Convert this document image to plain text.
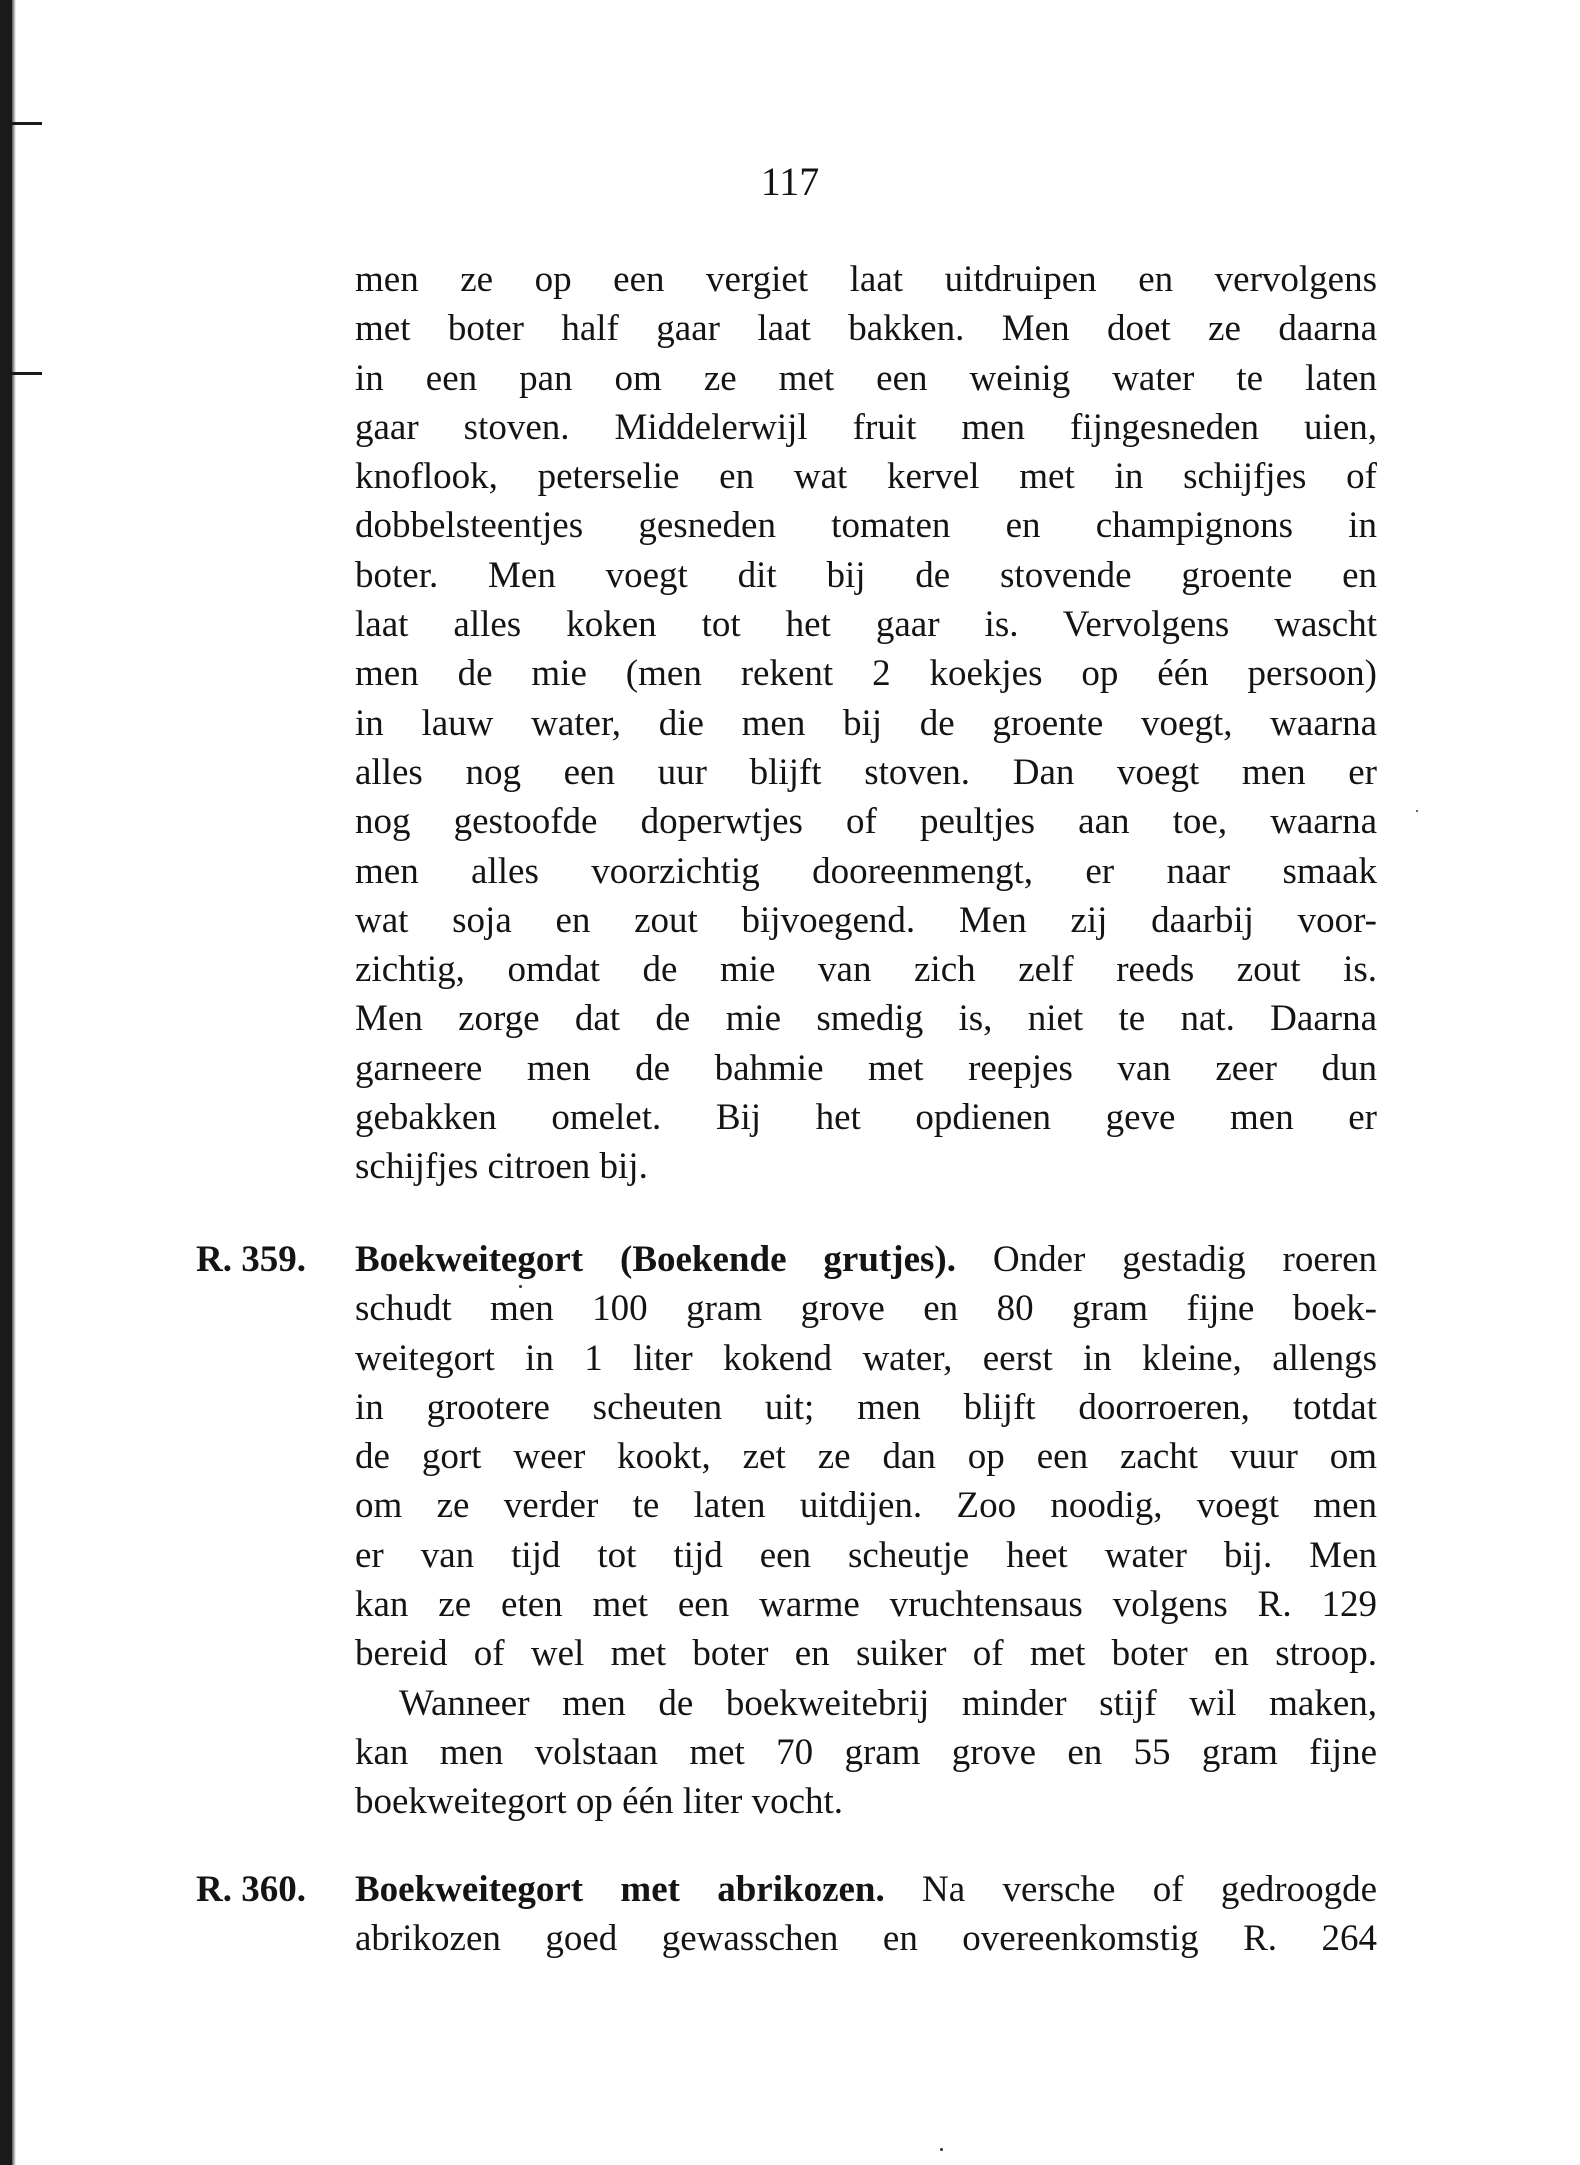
117
men ze op een vergiet laat uitdruipen en vervolgens
met boter half gaar laat bakken. Men doet ze daarna
in een pan om ze met een weinig water te laten
gaar stoven. Middelerwijl fruit men fijngesneden uien,
knoflook, peterselie en wat kervel met in schijfjes of
dobbelsteentjes gesneden tomaten en champignons in
boter. Men voegt dit bij de stovende groente en
laat alles koken tot het gaar is. Vervolgens wascht
men de mie (men rekent 2 koekjes op één persoon)
in lauw water, die men bij de groente voegt, waarna
alles nog een uur blijft stoven. Dan voegt men er
nog gestoofde doperwtjes of peultjes aan toe, waarna
men alles voorzichtig dooreenmengt, er naar smaak
wat soja en zout bijvoegend. Men zij daarbij voor-
zichtig, omdat de mie van zich zelf reeds zout is.
Men zorge dat de mie smedig is, niet te nat. Daarna
garneere men de bahmie met reepjes van zeer dun
gebakken omelet. Bij het opdienen geve men er
schijfjes citroen bij.
R. 359.	Boekweitegort (Boekende grutjes). Onder gestadig roeren
schudt men 100 gram grove en 80 gram fijne boek-
weitegort in 1 liter kokend water, eerst in kleine, allengs
in grootere scheuten uit; men blijft doorroeren, totdat
de gort weer kookt, zet ze dan op een zacht vuur om
om ze verder te laten uitdijen. Zoo noodig, voegt men
er van tijd tot tijd een scheutje heet water bij. Men
kan ze eten met een warme vruchtensaus volgens R. 129
bereid of wel met boter en suiker of met boter en stroop.
Wanneer men de boekweitebrij minder stijf wil maken,
kan men volstaan met 70 gram grove en 55 gram fijne
boekweitegort op één liter vocht.
R. 360.	Boekweitegort met abrikozen. Na versche of gedroogde
abrikozen goed gewasschen en overeenkomstig R. 264
